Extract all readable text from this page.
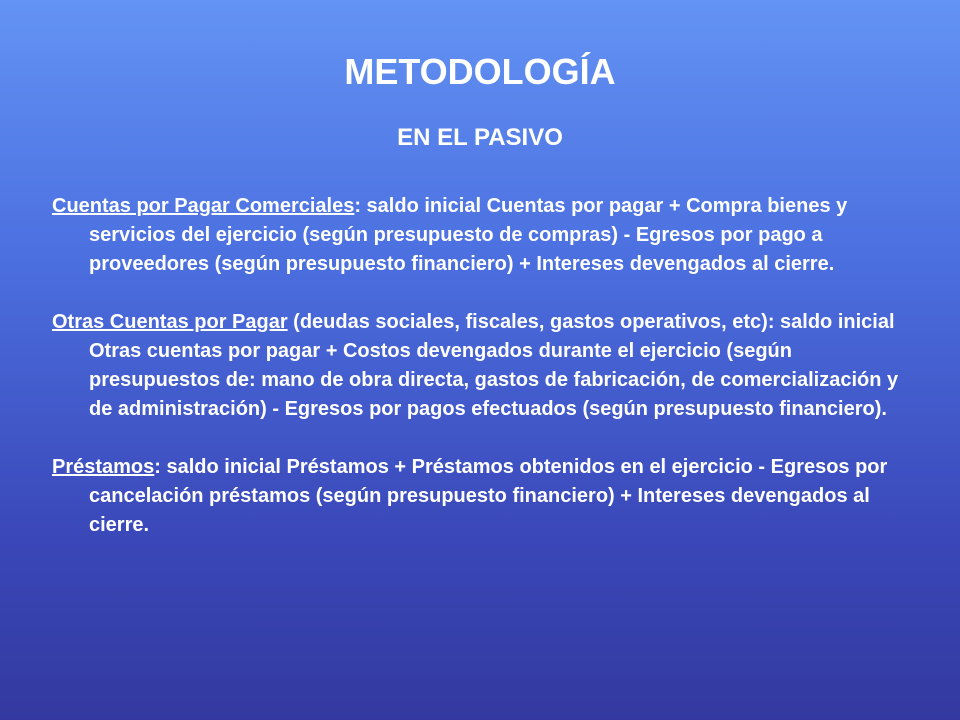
METODOLOGÍA
EN EL PASIVO

Cuentas por Pagar Comerciales: saldo inicial Cuentas por pagar + Compra bienes y servicios del ejercicio (según presupuesto de compras) - Egresos por pago a proveedores (según presupuesto financiero) + Intereses devengados al cierre.

Otras Cuentas por Pagar (deudas sociales, fiscales, gastos operativos, etc): saldo inicial Otras cuentas por pagar + Costos devengados durante el ejercicio (según presupuestos de: mano de obra directa, gastos de fabricación, de comercialización y de administración) - Egresos por pagos efectuados (según presupuesto financiero).

Préstamos: saldo inicial Préstamos + Préstamos obtenidos en el ejercicio - Egresos por cancelación préstamos (según presupuesto financiero) + Intereses devengados al cierre.
